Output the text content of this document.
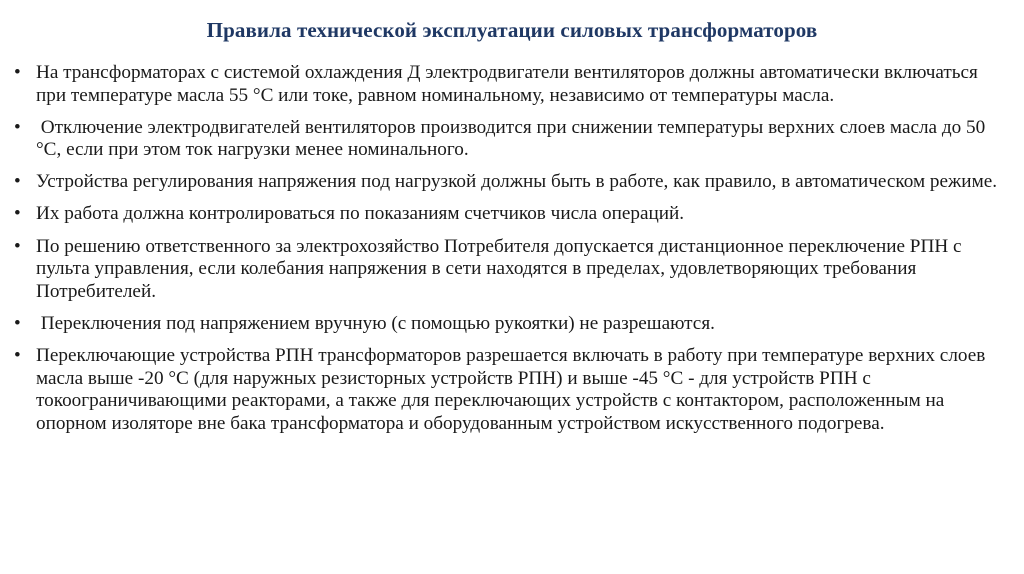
Правила технической эксплуатации силовых трансформаторов
• На трансформаторах с системой охлаждения Д электродвигатели вентиляторов должны автоматически включаться при температуре масла 55 °С или токе, равном номинальному, независимо от температуры масла.
• Отключение электродвигателей вентиляторов производится при снижении температуры верхних слоев масла до 50 °С, если при этом ток нагрузки менее номинального.
• Устройства регулирования напряжения под нагрузкой должны быть в работе, как правило, в автоматическом режиме.
• Их работа должна контролироваться по показаниям счетчиков числа операций.
• По решению ответственного за электрохозяйство Потребителя допускается дистанционное переключение РПН с пульта управления, если колебания напряжения в сети находятся в пределах, удовлетворяющих требования Потребителей.
• Переключения под напряжением вручную (с помощью рукоятки) не разрешаются.
• Переключающие устройства РПН трансформаторов разрешается включать в работу при температуре верхних слоев масла выше -20 °С (для наружных резисторных устройств РПН) и выше -45 °С - для устройств РПН с токоограничивающими реакторами, а также для переключающих устройств с контактором, расположенным на опорном изоляторе вне бака трансформатора и оборудованным устройством искусственного подогрева.
